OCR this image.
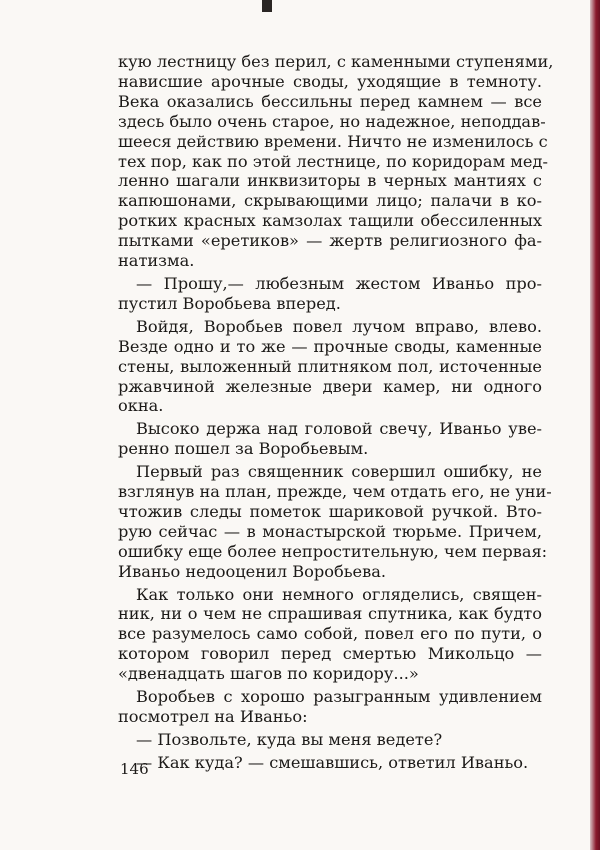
кую лестницу без перил, с каменными ступенями,
нависшие арочные своды, уходящие в темноту.
Века оказались бессильны перед камнем — все
здесь было очень старое, но надежное, неподдав-
шееся действию времени. Ничто не изменилось с
тех пор, как по этой лестнице, по коридорам мед-
ленно шагали инквизиторы в черных мантиях с
капюшонами, скрывающими лицо; палачи в ко-
ротких красных камзолах тащили обессиленных
пытками «еретиков» — жертв религиозного фа-
натизма.
— Прошу,— любезным жестом Иваньо про-
пустил Воробьева вперед.
Войдя, Воробьев повел лучом вправо, влево.
Везде одно и то же — прочные своды, каменные
стены, выложенный плитняком пол, источенные
ржавчиной железные двери камер, ни одного
окна.
Высоко держа над головой свечу, Иваньо уве-
ренно пошел за Воробьевым.
Первый раз священник совершил ошибку, не
взглянув на план, прежде, чем отдать его, не уни-
чтожив следы пометок шариковой ручкой. Вто-
рую сейчас — в монастырской тюрьме. Причем,
ошибку еще более непростительную, чем первая:
Иваньо недооценил Воробьева.
Как только они немного огляделись, священ-
ник, ни о чем не спрашивая спутника, как будто
все разумелось само собой, повел его по пути, о
котором говорил перед смертью Микольцо —
«двенадцать шагов по коридору...»
Воробьев с хорошо разыгранным удивлением
посмотрел на Иваньо:
— Позвольте, куда вы меня ведете?
— Как куда? — смешавшись, ответил Иваньо.
146
